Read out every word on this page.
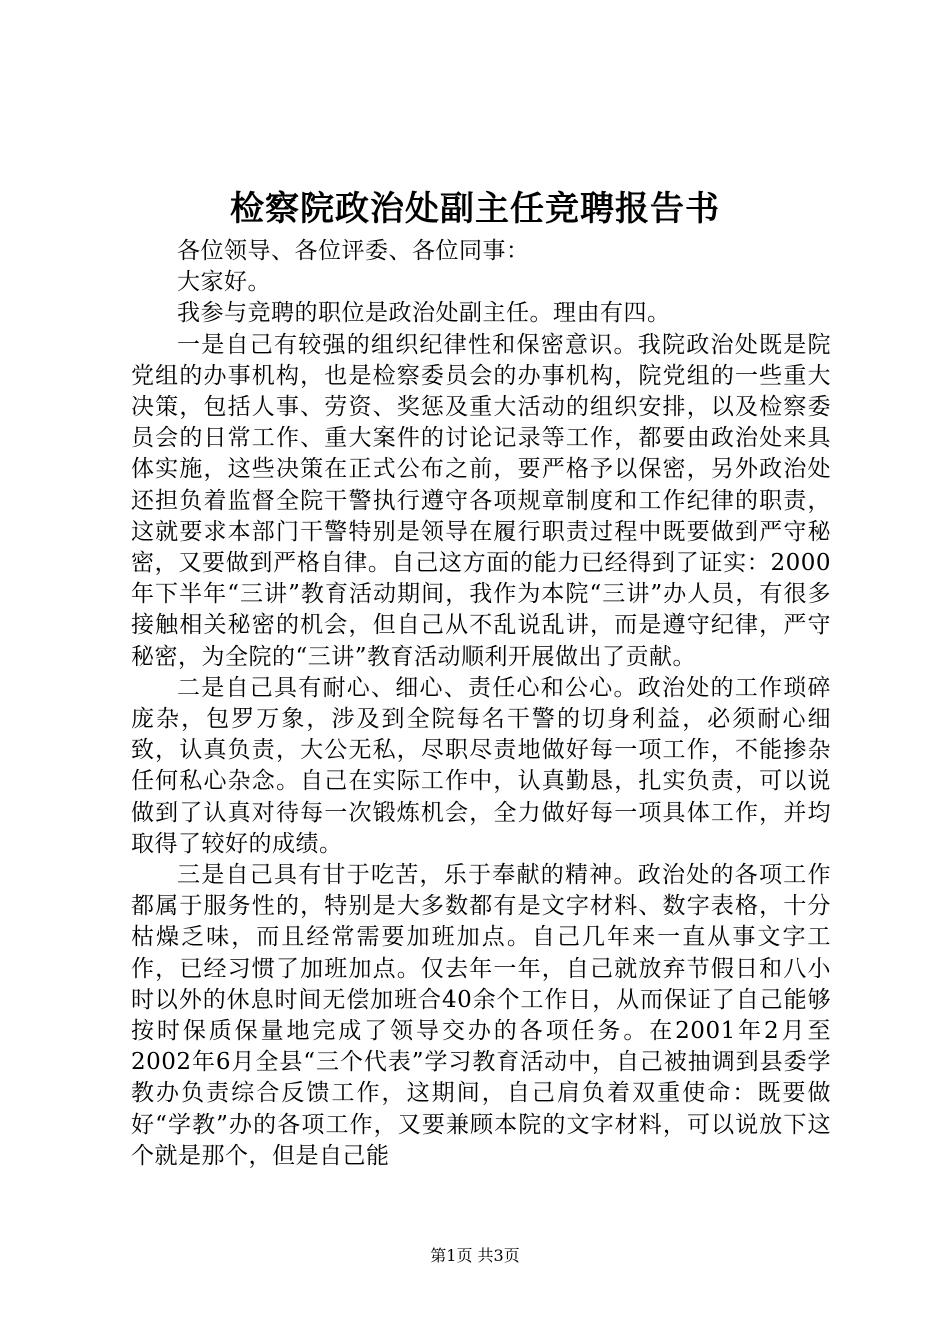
检察院政治处副主任竞聘报告书

各位领导、各位评委、各位同事：

大家好。

我参与竞聘的职位是政治处副主任。理由有四。

一是自己有较强的组织纪律性和保密意识。我院政治处既是院党组的办事机构，也是检察委员会的办事机构，院党组的一些重大决策，包括人事、劳资、奖惩及重大活动的组织安排，以及检察委员会的日常工作、重大案件的讨论记录等工作，都要由政治处来具体实施，这些决策在正式公布之前，要严格予以保密，另外政治处还担负着监督全院干警执行遵守各项规章制度和工作纪律的职责，这就要求本部门干警特别是领导在履行职责过程中既要做到严守秘密，又要做到严格自律。自己这方面的能力已经得到了证实：2000年下半年“三讲”教育活动期间，我作为本院“三讲”办人员，有很多接触相关秘密的机会，但自己从不乱说乱讲，而是遵守纪律，严守秘密，为全院的“三讲”教育活动顺利开展做出了贡献。

二是自己具有耐心、细心、责任心和公心。政治处的工作琐碎庞杂，包罗万象，涉及到全院每名干警的切身利益，必须耐心细致，认真负责，大公无私，尽职尽责地做好每一项工作，不能掺杂任何私心杂念。自己在实际工作中，认真勤恳，扎实负责，可以说做到了认真对待每一次锻炼机会，全力做好每一项具体工作，并均取得了较好的成绩。

三是自己具有甘于吃苦，乐于奉献的精神。政治处的各项工作都属于服务性的，特别是大多数都有是文字材料、数字表格，十分枯燥乏味，而且经常需要加班加点。自己几年来一直从事文字工作，已经习惯了加班加点。仅去年一年，自己就放弃节假日和八小时以外的休息时间无偿加班合40余个工作日，从而保证了自己能够按时保质保量地完成了领导交办的各项任务。在2001年2月至2002年6月全县“三个代表”学习教育活动中，自己被抽调到县委学教办负责综合反馈工作，这期间，自己肩负着双重使命：既要做好“学教”办的各项工作，又要兼顾本院的文字材料，可以说放下这个就是那个，但是自己能

第1页 共3页
